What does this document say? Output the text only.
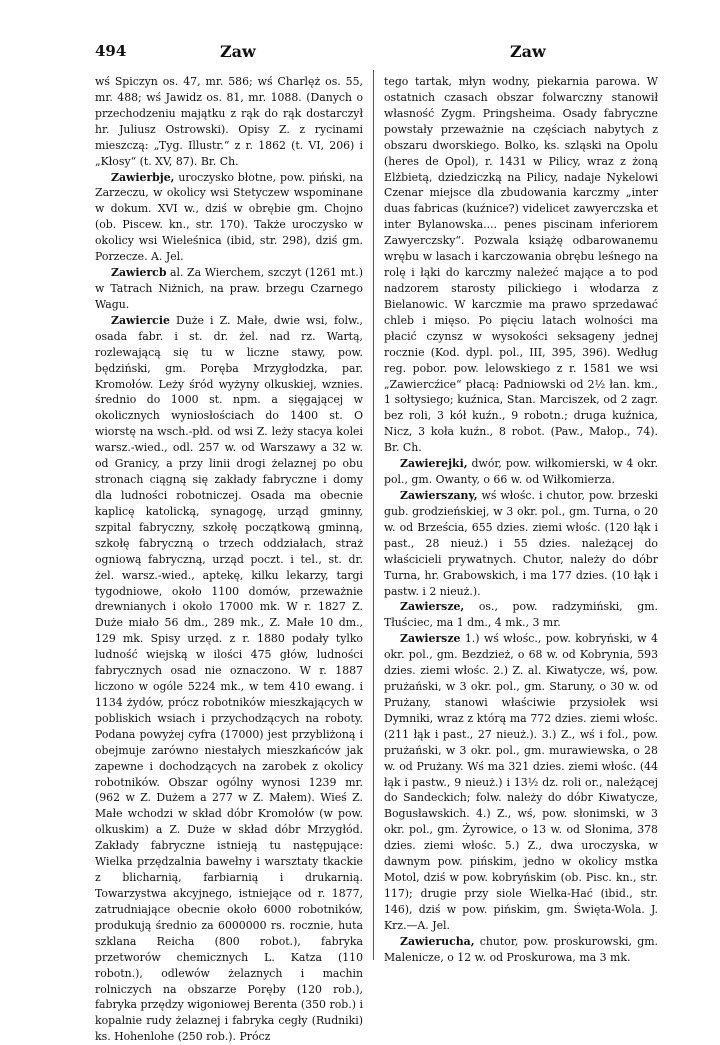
494	Zaw	Zaw

wś Spiczyn os. 47, mr. 586; wś Charlęż os. 55, mr. 488; wś Jawidz os. 81, mr. 1088. (Danych o przechodzeniu majątku z rąk do rąk dostarczył hr. Juliusz Ostrowski). Opisy Z. z rycinami mieszczą: „Tyg. Illustr.“ z r. 1862 (t. VI, 206) i „Kłosy“ (t. XV, 87). Br. Ch.

Zawierbje, uroczysko błotne, pow. piński, na Zarzeczu, w okolicy wsi Stetyczew wspominane w dokum. XVI w., dziś w obrębie gm. Chojno (ob. Piscew. kn., str. 170). Także uroczysko w okolicy wsi Wieleśnica (ibid, str. 298), dziś gm. Porzecze. A. Jel.

Zawiercb al. Za Wierchem, szczyt (1261 mt.) w Tatrach Niżnich, na praw. brzegu Czarnego Wagu.

Zawiercie Duże i Z. Małe, dwie wsi, folw., osada fabr. i st. dr. żel. nad rz. Wartą, rozlewającą się tu w liczne stawy, pow. będziński, gm. Poręba Mrzygłodzka, par. Kromołów. Leży śród wyżyny olkuskiej, wznies. średnio do 1000 st. npm. a sięgającej w okolicznych wyniosłościach do 1400 st. O wiorstę na wsch.-płd. od wsi Z. leży stacya kolei warsz.-wied., odl. 257 w. od Warszawy a 32 w. od Granicy, a przy linii drogi żelaznej po obu stronach ciągną się zakłady fabryczne i domy dla ludności robotniczej. Osada ma obecnie kaplicę katolicką, synagogę, urząd gminny, szpital fabryczny, szkołę początkową gminną, szkołę fabryczną o trzech oddziałach, straż ogniową fabryczną, urząd poczt. i tel., st. dr. żel. warsz.-wied., aptekę, kilku lekarzy, targi tygodniowe, około 1100 domów, przeważnie drewnianych i około 17000 mk. W r. 1827 Z. Duże miało 56 dm., 289 mk., Z. Małe 10 dm., 129 mk. Spisy urzęd. z r. 1880 podały tylko ludność wiejską w ilości 475 głów, ludności fabrycznych osad nie oznaczono. W r. 1887 liczono w ogóle 5224 mk., w tem 410 ewang. i 1134 żydów, prócz robotników mieszkających w pobliskich wsiach i przychodzących na roboty. Podana powyżej cyfra (17000) jest przybliżoną i obejmuje zarówno niestałych mieszkańców jak zapewne i dochodzących na zarobek z okolicy robotników. Obszar ogólny wynosi 1239 mr. (962 w Z. Dużem a 277 w Z. Małem). Wieś Z. Małe wchodzi w skład dóbr Kromołów (w pow. olkuskim) a Z. Duże w skład dóbr Mrzygłód. Zakłady fabryczne istnieją tu następujące: Wielka przędzalnia bawełny i warsztaty tkackie z blicharnią, farbiarnią i drukarnią. Towarzystwa akcyjnego, istniejące od r. 1877, zatrudniające obecnie około 6000 robotników, produkują średnio za 6000000 rs. rocznie, huta szklana Reicha (800 robot.), fabryka przetworów chemicznych L. Katza (110 robotn.), odlewów żelaznych i machin rolniczych na obszarze Poręby (120 rob.), fabryka przędzy wigoniowej Berenta (350 rob.) i kopalnie rudy żelaznej i fabryka cegły (Rudniki) ks. Hohenlohe (250 rob.). Prócz

tego tartak, młyn wodny, piekarnia parowa. W ostatnich czasach obszar folwarczny stanowił własność Zygm. Pringsheima. Osady fabryczne powstały przeważnie na częściach nabytych z obszaru dworskiego. Bolko, ks. szląski na Opolu (heres de Opol), r. 1431 w Pilicy, wraz z żoną Elżbietą, dziedziczką na Pilicy, nadaje Nykelowi Czenar miejsce dla zbudowania karczmy „inter duas fabricas (kuźnice?) videlicet zawyerczska et inter Bylanowska.... penes piscinam inferiorem Zawyerczsky“. Pozwala książę odbarowanemu wrębu w lasach i karczowania obrębu leśnego na rolę i łąki do karczmy należeć mające a to pod nadzorem starosty pilickiego i włodarza z Bielanowic. W karczmie ma prawo sprzedawać chleb i mięso. Po pięciu latach wolności ma płacić czynsz w wysokości seksageny jednej rocznie (Kod. dypl. pol., III, 395, 396). Według reg. pobor. pow. lelowskiego z r. 1581 we wsi „Zawiercźice“ płacą: Padniowski od 2½ łan. km., 1 sołtysiego; kuźnica, Stan. Marciszek, od 2 zagr. bez roli, 3 kół kuźn., 9 robotn.; druga kuźnica, Nicz, 3 koła kuźn., 8 robot. (Paw., Małop., 74). Br. Ch.

Zawierejki, dwór, pow. wiłkomierski, w 4 okr. pol., gm. Owanty, o 66 w. od Wiłkomierza.

Zawierszany, wś włośc. i chutor, pow. brzeski gub. grodzieńskiej, w 3 okr. pol., gm. Turna, o 20 w. od Brześcia, 655 dzies. ziemi włośc. (120 łąk i past., 28 nieuż.) i 55 dzies. należącej do właścicieli prywatnych. Chutor, należy do dóbr Turna, hr. Grabowskich, i ma 177 dzies. (10 łąk i pastw. i 2 nieuż.).

Zawiersze, os., pow. radzymiński, gm. Tłuściec, ma 1 dm., 4 mk., 3 mr.

Zawiersze 1.) wś włośc., pow. kobryński, w 4 okr. pol., gm. Bezdzież, o 68 w. od Kobrynia, 593 dzies. ziemi włośc. 2.) Z. al. Kiwatycze, wś, pow. prużański, w 3 okr. pol., gm. Staruny, o 30 w. od Prużany, stanowi właściwie przysiołek wsi Dymniki, wraz z którą ma 772 dzies. ziemi włośc. (211 łąk i past., 27 nieuż.). 3.) Z., wś i fol., pow. prużański, w 3 okr. pol., gm. murawiewska, o 28 w. od Prużany. Wś ma 321 dzies. ziemi włośc. (44 łąk i pastw., 9 nieuż.) i 13½ dz. roli or., należącej do Sandeckich; folw. należy do dóbr Kiwatycze, Bogusławskich. 4.) Z., wś, pow. słonimski, w 3 okr. pol., gm. Żyrowice, o 13 w. od Słonima, 378 dzies. ziemi włośc. 5.) Z., dwa uroczyska, w dawnym pow. pińskim, jedno w okolicy mstka Motol, dziś w pow. kobryńskim (ob. Pisc. kn., str. 117); drugie przy siole Wielka-Hać (ibid., str. 146), dziś w pow. pińskim, gm. Święta-Wola. J. Krz.—A. Jel.

Zawierucha, chutor, pow. proskurowski, gm. Malenicze, o 12 w. od Proskurowa, ma 3 mk.
